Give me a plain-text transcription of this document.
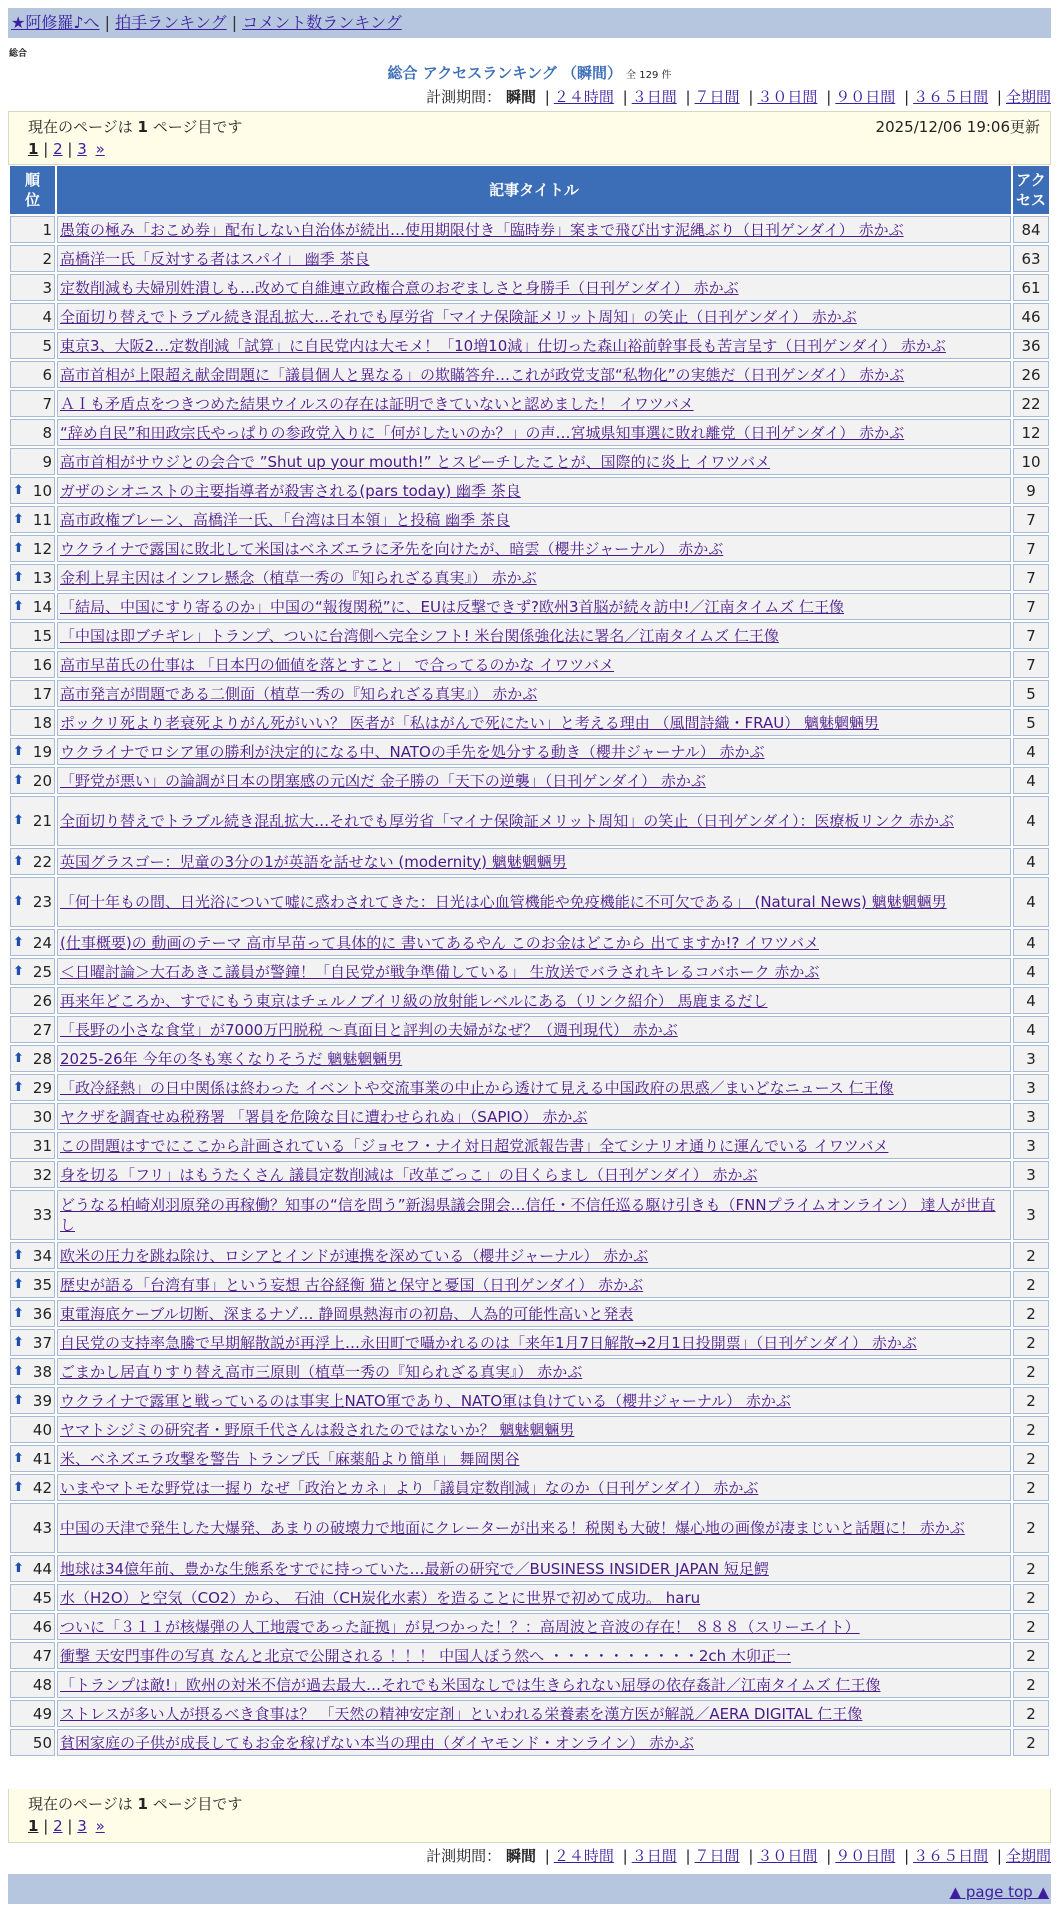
★阿修羅♪へ | 拍手ランキング | コメント数ランキング
総合
総合 アクセスランキング （瞬間） 全 129 件
計測期間： 瞬間 | ２４時間 | ３日間 | ７日間 | ３０日間 | ９０日間 | ３６５日間 | 全期間
現在のページは 1 ページ目です	2025/12/06 19:06更新
1 | 2 | 3 »
順位	記事タイトル	アクセス
1	愚策の極み「おこめ券」配布しない自治体が続出…使用期限付き「臨時券」案まで飛び出す泥縄ぶり（日刊ゲンダイ） 赤かぶ	84
2	高橋洋一氏「反対する者はスパイ」 幽季 茶良	63
3	定数削減も夫婦別姓潰しも…改めて自維連立政権合意のおぞましさと身勝手（日刊ゲンダイ） 赤かぶ	61
4	全面切り替えでトラブル続き混乱拡大…それでも厚労省「マイナ保険証メリット周知」の笑止（日刊ゲンダイ） 赤かぶ	46
5	東京3、大阪2…定数削減「試算」に自民党内は大モメ！「10増10減」仕切った森山裕前幹事長も苦言呈す（日刊ゲンダイ） 赤かぶ	36
6	高市首相が上限超え献金問題に「議員個人と異なる」の欺瞞答弁…これが政党支部“私物化”の実態だ（日刊ゲンダイ） 赤かぶ	26
7	ＡＩも矛盾点をつきつめた結果ウイルスの存在は証明できていないと認めました！ イワツバメ	22
8	“辞め自民”和田政宗氏やっぱりの参政党入りに「何がしたいのか？」の声…宮城県知事選に敗れ離党（日刊ゲンダイ） 赤かぶ	12
9	高市首相がサウジとの会合で ”Shut up your mouth!” とスピーチしたことが、国際的に炎上 イワツバメ	10

⬆ 10	ガザのシオニストの主要指導者が殺害される(pars today) 幽季 茶良	9

⬆ 11	高市政権ブレーン、高橋洋一氏、「台湾は日本領」と投稿 幽季 茶良	7

⬆ 12	ウクライナで露国に敗北して米国はベネズエラに矛先を向けたが、暗雲（櫻井ジャーナル） 赤かぶ	7

⬆ 13	金利上昇主因はインフレ懸念（植草一秀の『知られざる真実』） 赤かぶ	7

⬆ 14	「結局、中国にすり寄るのか」中国の“報復関税”に、EUは反撃できず?欧州3首脳が続々訪中!／江南タイムズ 仁王像	7
15	「中国は即ブチギレ」トランプ、ついに台湾側へ完全シフト! 米台関係強化法に署名／江南タイムズ 仁王像	7
16	高市早苗氏の仕事は 「日本円の価値を落とすこと」 で合ってるのかな イワツバメ	7
17	高市発言が問題である二側面（植草一秀の『知られざる真実』） 赤かぶ	5
18	ポックリ死より老衰死よりがん死がいい？ 医者が「私はがんで死にたい」と考える理由 （風間詩織・FRAU） 魑魅魍魎男	5

⬆ 19	ウクライナでロシア軍の勝利が決定的になる中、NATOの手先を処分する動き（櫻井ジャーナル） 赤かぶ	4

⬆ 20	「野党が悪い」の論調が日本の閉塞感の元凶だ 金子勝の「天下の逆襲」（日刊ゲンダイ） 赤かぶ	4

⬆ 21	全面切り替えでトラブル続き混乱拡大…それでも厚労省「マイナ保険証メリット周知」の笑止（日刊ゲンダイ）：医療板リンク 赤かぶ	4

⬆ 22	英国グラスゴー：児童の3分の1が英語を話せない (modernity) 魑魅魍魎男	4

⬆ 23	「何十年もの間、日光浴について嘘に惑わされてきた：日光は心血管機能や免疫機能に不可欠である」 (Natural News) 魑魅魍魎男	4

⬆ 24	(仕事概要)の 動画のテーマ 高市早苗って具体的に 書いてあるやん このお金はどこから 出てますか!? イワツバメ	4

⬆ 25	＜日曜討論＞大石あきこ議員が警鐘！「自民党が戦争準備している」 生放送でバラされキレるコバホーク 赤かぶ	4
26	再来年どころか、すでにもう東京はチェルノブイリ級の放射能レベルにある（リンク紹介） 馬鹿まるだし	4
27	「長野の小さな食堂」が7000万円脱税 〜真面目と評判の夫婦がなぜ？（週刊現代） 赤かぶ	4

⬆ 28	2025-26年 今年の冬も寒くなりそうだ 魑魅魍魎男	3

⬆ 29	「政冷経熱」の日中関係は終わった イベントや交流事業の中止から透けて見える中国政府の思惑／まいどなニュース 仁王像	3
30	ヤクザを調査せぬ税務署 「署員を危険な目に遭わせられぬ」（SAPIO） 赤かぶ	3
31	この問題はすでにここから計画されている「ジョセフ・ナイ対日超党派報告書」全てシナリオ通りに運んでいる イワツバメ	3
32	身を切る「フリ」はもうたくさん 議員定数削減は「改革ごっこ」の目くらまし（日刊ゲンダイ） 赤かぶ	3
33	どうなる柏崎刈羽原発の再稼働？知事の“信を問う”新潟県議会開会…信任・不信任巡る駆け引きも（FNNプライムオンライン） 達人が世直し	3

⬆ 34	欧米の圧力を跳ね除け、ロシアとインドが連携を深めている（櫻井ジャーナル） 赤かぶ	2

⬆ 35	歴史が語る「台湾有事」という妄想 古谷経衡 猫と保守と憂国（日刊ゲンダイ） 赤かぶ	2

⬆ 36	東電海底ケーブル切断、深まるナゾ… 静岡県熱海市の初島、人為的可能性高いと発表	2

⬆ 37	自民党の支持率急騰で早期解散説が再浮上…永田町で囁かれるのは「来年1月7日解散→2月1日投開票」（日刊ゲンダイ） 赤かぶ	2

⬆ 38	ごまかし居直りすり替え高市三原則（植草一秀の『知られざる真実』） 赤かぶ	2

⬆ 39	ウクライナで露軍と戦っているのは事実上NATO軍であり、NATO軍は負けている（櫻井ジャーナル） 赤かぶ	2
40	ヤマトシジミの研究者・野原千代さんは殺されたのではないか？ 魑魅魍魎男	2

⬆ 41	米、ベネズエラ攻撃を警告 トランプ氏「麻薬船より簡単」 舞岡関谷	2

⬆ 42	いまやマトモな野党は一握り なぜ「政治とカネ」より「議員定数削減」なのか（日刊ゲンダイ） 赤かぶ	2
43	中国の天津で発生した大爆発、あまりの破壊力で地面にクレーターが出来る！税関も大破！爆心地の画像が凄まじいと話題に！ 赤かぶ	2

⬆ 44	地球は34億年前、豊かな生態系をすでに持っていた…最新の研究で／BUSINESS INSIDER JAPAN 短足鰐	2
45	水（H2O）と空気（CO2）から、 石油（CH炭化水素）を造ることに世界で初めて成功。 haru	2
46	ついに「３１１が核爆弾の人工地震であった証拠」が見つかった！？：高周波と音波の存在！ ８８８（スリーエイト）	2
47	衝撃 天安門事件の写真 なんと北京で公開される ！！！ 中国人ぼう然へ ・・・・・・・・・・2ch 木卯正一	2
48	「トランプは敵!」欧州の対米不信が過去最大…それでも米国なしでは生きられない屈辱の依存姦計／江南タイムズ 仁王像	2
49	ストレスが多い人が摂るべき食事は？ 「天然の精神安定剤」といわれる栄養素を漢方医が解説／AERA DIGITAL 仁王像	2
50	貧困家庭の子供が成長してもお金を稼げない本当の理由（ダイヤモンド・オンライン） 赤かぶ	2
現在のページは 1 ページ目です
1 | 2 | 3 »
計測期間： 瞬間 | ２４時間 | ３日間 | ７日間 | ３０日間 | ９０日間 | ３６５日間 | 全期間
▲ page top ▲
